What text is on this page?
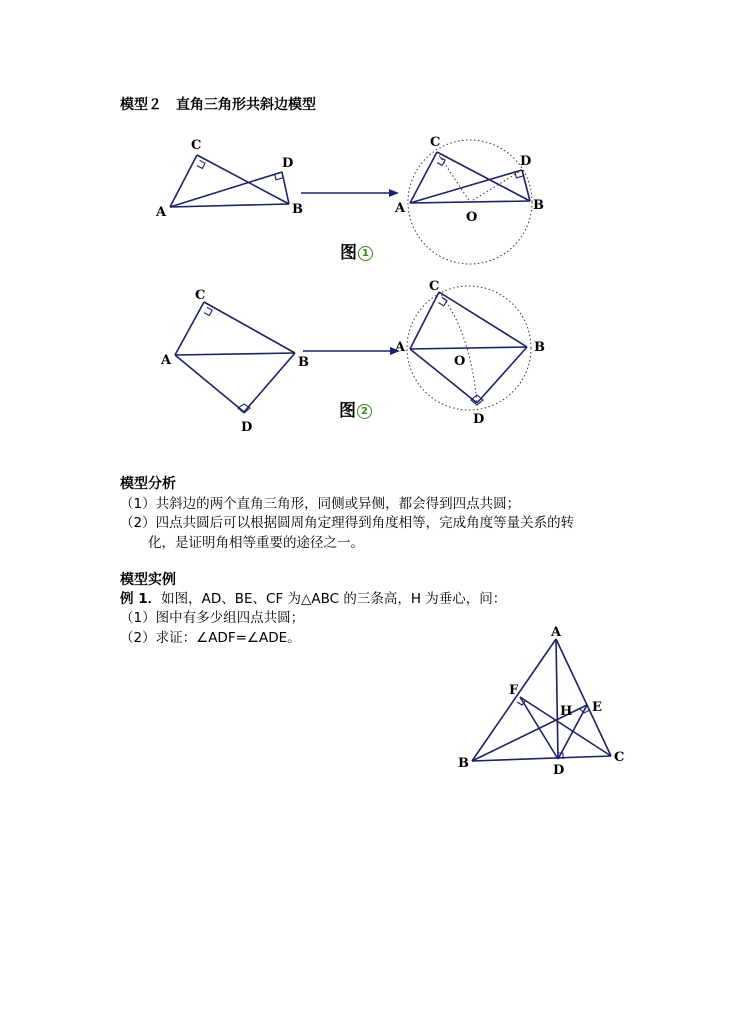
模型２　直角三角形共斜边模型
C
D
A	B
C
D
A	B
O
C
A	B
D
C
A	B
O
D
图 1
图 2
模型分析
（1）共斜边的两个直角三角形，同侧或异侧，都会得到四点共圆；
（2）四点共圆后可以根据圆周角定理得到角度相等，完成角度等量关系的转
化，是证明角相等重要的途径之一。
模型实例
例 1．如图，AD、BE、CF 为△ABC 的三条高，H 为垂心，问：
（1）图中有多少组四点共圆；
（2）求证：∠ADF=∠ADE。	A
F
H E
B	C
D
